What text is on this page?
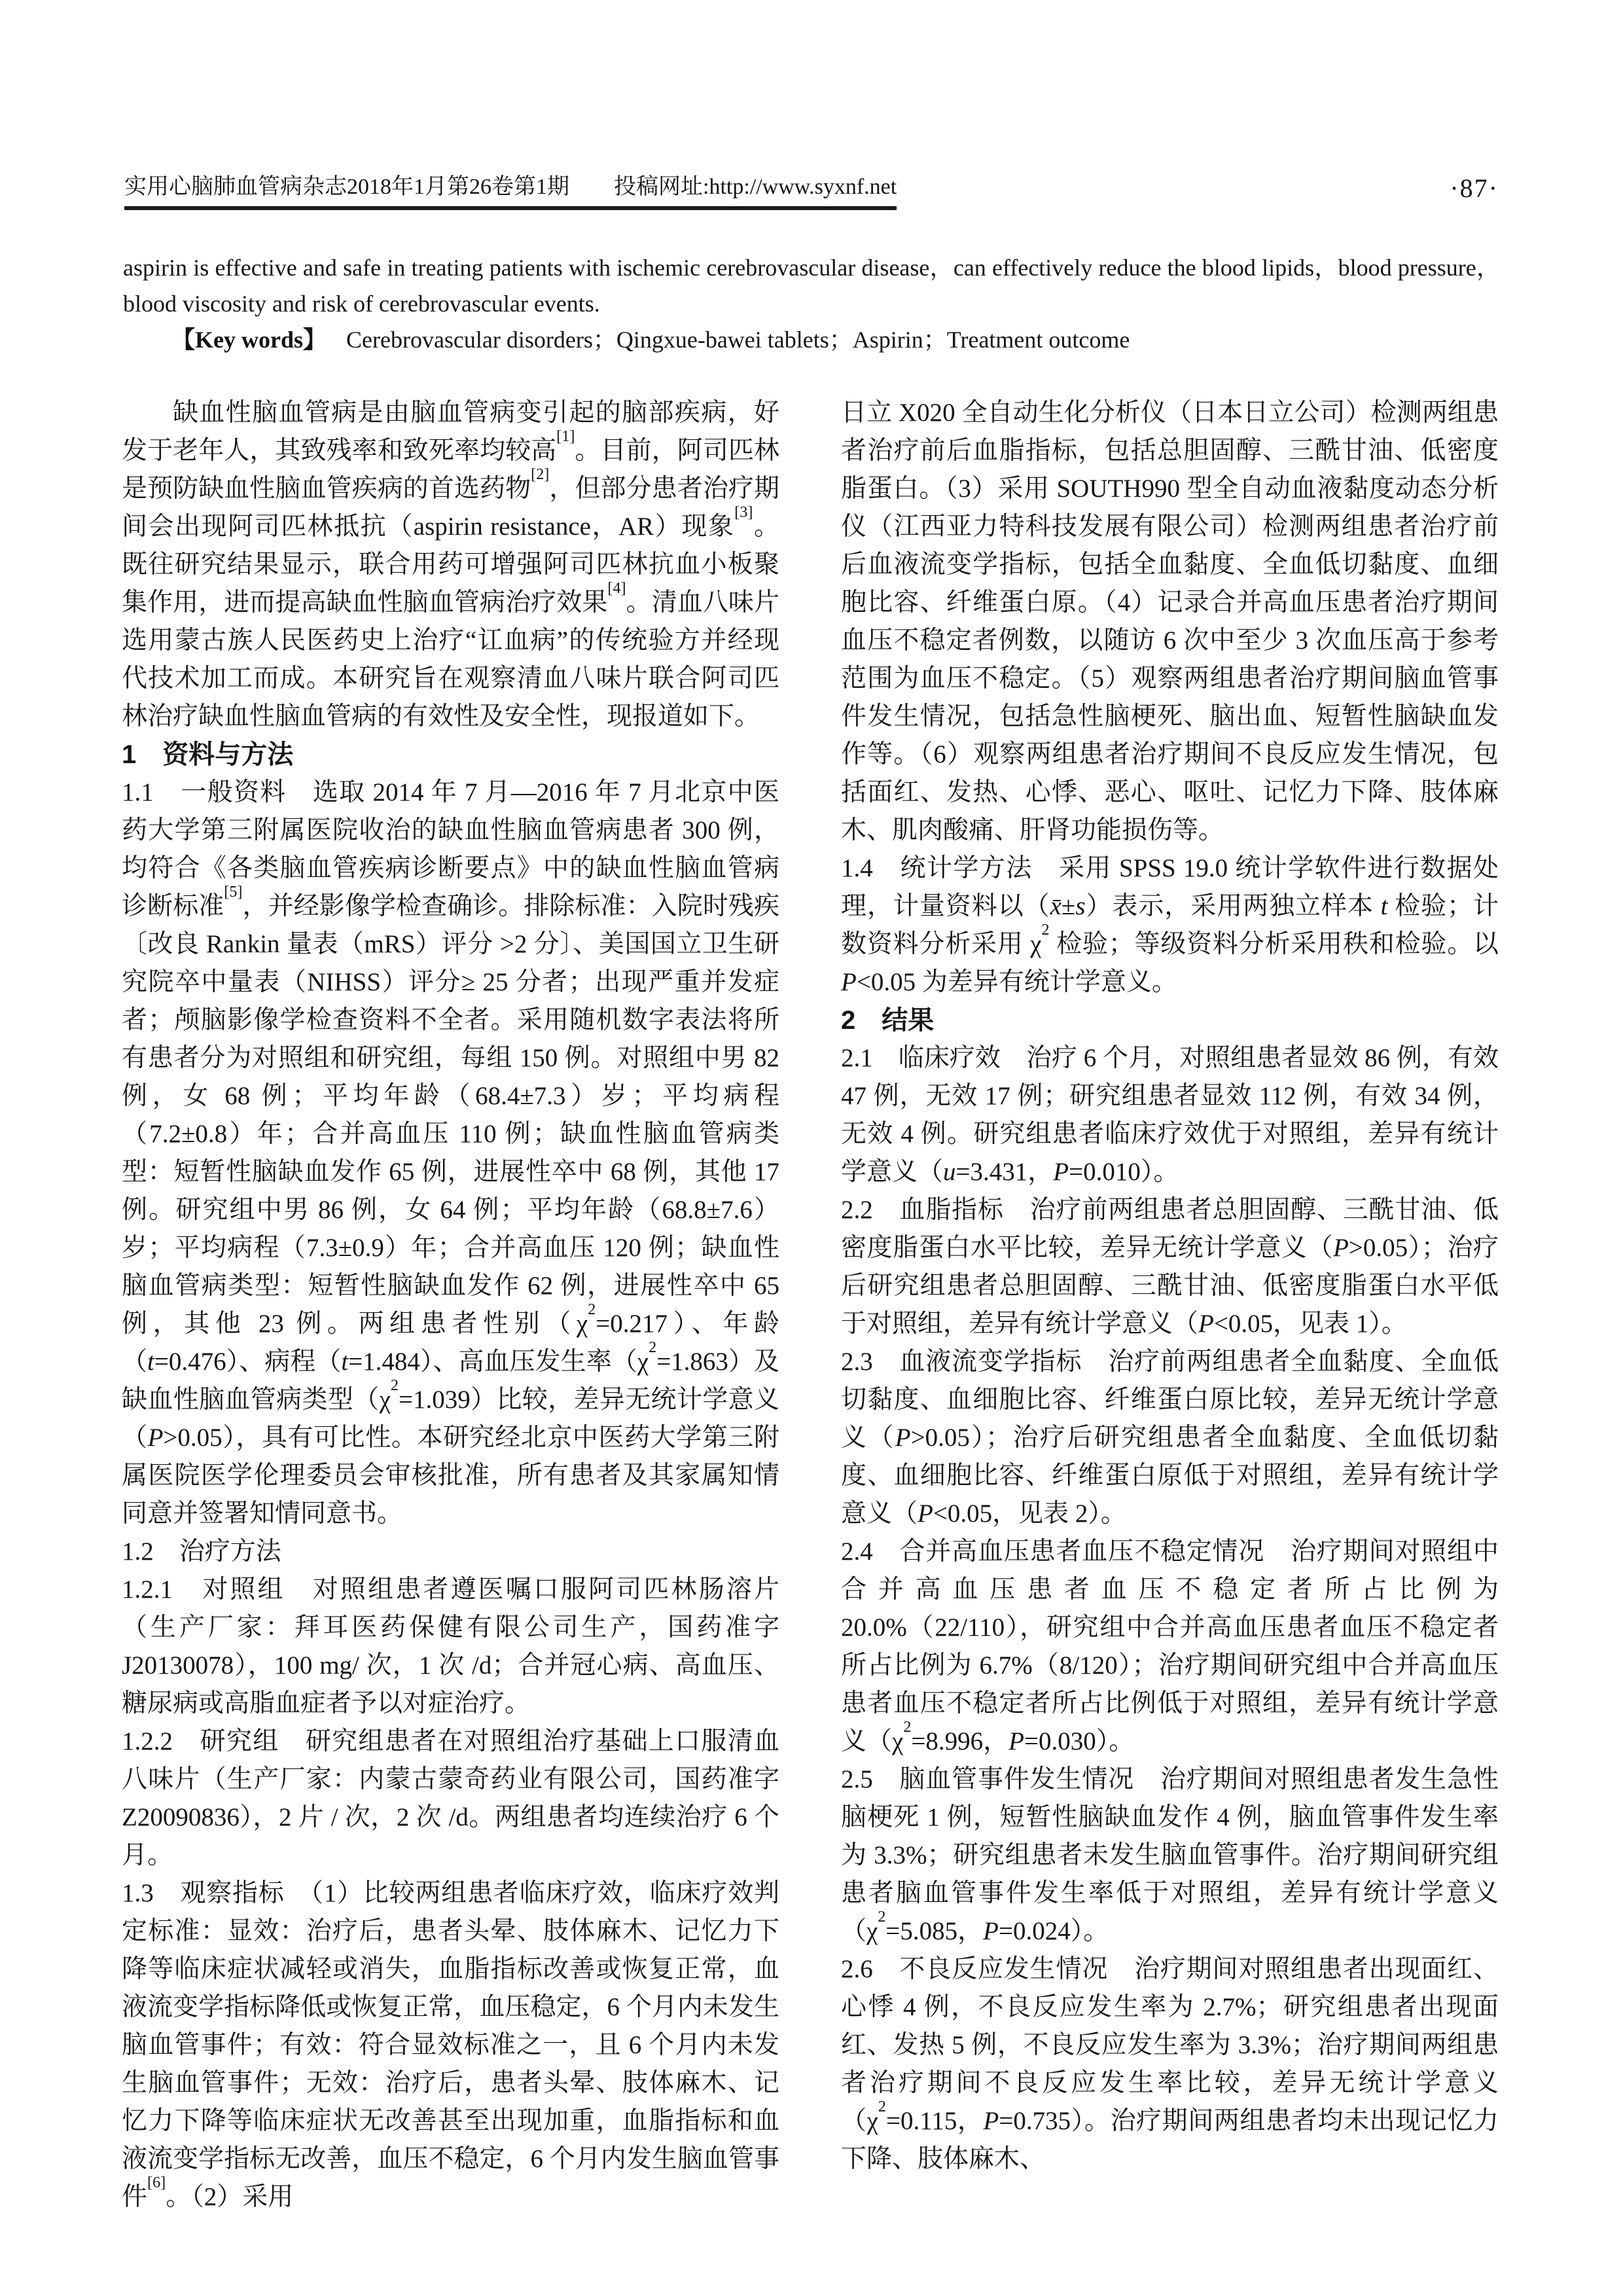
实用心脑肺血管病杂志2018年1月第26卷第1期 投稿网址:http://www.syxnf.net	·87·

aspirin is effective and safe in treating patients with ischemic cerebrovascular disease，can effectively reduce the blood lipids，blood pressure，blood viscosity and risk of cerebrovascular events.

【Key words】 Cerebrovascular disorders；Qingxue-bawei tablets；Aspirin；Treatment outcome

缺血性脑血管病是由脑血管病变引起的脑部疾病，好发于老年人，其致残率和致死率均较高[1]。目前，阿司匹林是预防缺血性脑血管疾病的首选药物[2]，但部分患者治疗期间会出现阿司匹林抵抗（aspirin resistance，AR）现象[3]。既往研究结果显示，联合用药可增强阿司匹林抗血小板聚集作用，进而提高缺血性脑血管病治疗效果[4]。清血八味片选用蒙古族人民医药史上治疗“讧血病”的传统验方并经现代技术加工而成。本研究旨在观察清血八味片联合阿司匹林治疗缺血性脑血管病的有效性及安全性，现报道如下。

1　资料与方法

1.1　一般资料　选取 2014 年 7 月—2016 年 7 月北京中医药大学第三附属医院收治的缺血性脑血管病患者 300 例，均符合《各类脑血管疾病诊断要点》中的缺血性脑血管病诊断标准[5]，并经影像学检查确诊。排除标准：入院时残疾〔改良 Rankin 量表（mRS）评分 >2 分〕、美国国立卫生研究院卒中量表（NIHSS）评分≥ 25 分者；出现严重并发症者；颅脑影像学检查资料不全者。采用随机数字表法将所有患者分为对照组和研究组，每组 150 例。对照组中男 82 例，女 68 例；平均年龄（68.4±7.3）岁；平均病程（7.2±0.8）年；合并高血压 110 例；缺血性脑血管病类型：短暂性脑缺血发作 65 例，进展性卒中 68 例，其他 17 例。研究组中男 86 例，女 64 例；平均年龄（68.8±7.6）岁；平均病程（7.3±0.9）年；合并高血压 120 例；缺血性脑血管病类型：短暂性脑缺血发作 62 例，进展性卒中 65 例，其他 23 例。两组患者性别$(\chi^2=0.217)$、年龄（t=0.476）、病程（t=1.484）、高血压发生率$(\chi^2=1.863)$及缺血性脑血管病类型$(\chi^2=1.039)$比较，差异无统计学意义（P>0.05），具有可比性。本研究经北京中医药大学第三附属医院医学伦理委员会审核批准，所有患者及其家属知情同意并签署知情同意书。

1.2　治疗方法

1.2.1　对照组　对照组患者遵医嘱口服阿司匹林肠溶片（生产厂家：拜耳医药保健有限公司生产，国药准字 J20130078），100 mg/ 次，1 次 /d；合并冠心病、高血压、糖尿病或高脂血症者予以对症治疗。

1.2.2　研究组　研究组患者在对照组治疗基础上口服清血八味片（生产厂家：内蒙古蒙奇药业有限公司，国药准字 Z20090836），2 片 / 次，2 次 /d。两组患者均连续治疗 6 个月。

1.3　观察指标　（1）比较两组患者临床疗效，临床疗效判定标准：显效：治疗后，患者头晕、肢体麻木、记忆力下降等临床症状减轻或消失，血脂指标改善或恢复正常，血液流变学指标降低或恢复正常，血压稳定，6 个月内未发生脑血管事件；有效：符合显效标准之一，且 6 个月内未发生脑血管事件；无效：治疗后，患者头晕、肢体麻木、记忆力下降等临床症状无改善甚至出现加重，血脂指标和血液流变学指标无改善，血压不稳定，6 个月内发生脑血管事件[6]。（2）采用

日立 X020 全自动生化分析仪（日本日立公司）检测两组患者治疗前后血脂指标，包括总胆固醇、三酰甘油、低密度脂蛋白。（3）采用 SOUTH990 型全自动血液黏度动态分析仪（江西亚力特科技发展有限公司）检测两组患者治疗前后血液流变学指标，包括全血黏度、全血低切黏度、血细胞比容、纤维蛋白原。（4）记录合并高血压患者治疗期间血压不稳定者例数，以随访 6 次中至少 3 次血压高于参考范围为血压不稳定。（5）观察两组患者治疗期间脑血管事件发生情况，包括急性脑梗死、脑出血、短暂性脑缺血发作等。（6）观察两组患者治疗期间不良反应发生情况，包括面红、发热、心悸、恶心、呕吐、记忆力下降、肢体麻木、肌肉酸痛、肝肾功能损伤等。

1.4　统计学方法　采用 SPSS 19.0 统计学软件进行数据处理，计量资料以（x̄±s）表示，采用两独立样本 t 检验；计数资料分析采用 $\chi^2$ 检验；等级资料分析采用秩和检验。以 P<0.05 为差异有统计学意义。

2　结果

2.1　临床疗效　治疗 6 个月，对照组患者显效 86 例，有效 47 例，无效 17 例；研究组患者显效 112 例，有效 34 例，无效 4 例。研究组患者临床疗效优于对照组，差异有统计学意义（u=3.431，P=0.010）。

2.2　血脂指标　治疗前两组患者总胆固醇、三酰甘油、低密度脂蛋白水平比较，差异无统计学意义（P>0.05）；治疗后研究组患者总胆固醇、三酰甘油、低密度脂蛋白水平低于对照组，差异有统计学意义（P<0.05，见表 1）。

2.3　血液流变学指标　治疗前两组患者全血黏度、全血低切黏度、血细胞比容、纤维蛋白原比较，差异无统计学意义（P>0.05）；治疗后研究组患者全血黏度、全血低切黏度、血细胞比容、纤维蛋白原低于对照组，差异有统计学意义（P<0.05，见表 2）。

2.4　合并高血压患者血压不稳定情况　治疗期间对照组中合并高血压患者血压不稳定者所占比例为 20.0%（22/110），研究组中合并高血压患者血压不稳定者所占比例为 6.7%（8/120）；治疗期间研究组中合并高血压患者血压不稳定者所占比例低于对照组，差异有统计学意义（$\chi^2=8.996$，P=0.030）。

2.5　脑血管事件发生情况　治疗期间对照组患者发生急性脑梗死 1 例，短暂性脑缺血发作 4 例，脑血管事件发生率为 3.3%；研究组患者未发生脑血管事件。治疗期间研究组患者脑血管事件发生率低于对照组，差异有统计学意义（$\chi^2=5.085$，P=0.024）。

2.6　不良反应发生情况　治疗期间对照组患者出现面红、心悸 4 例，不良反应发生率为 2.7%；研究组患者出现面红、发热 5 例，不良反应发生率为 3.3%；治疗期间两组患者治疗期间不良反应发生率比较，差异无统计学意义（$\chi^2=0.115$，P=0.735）。治疗期间两组患者均未出现记忆力下降、肢体麻木、
